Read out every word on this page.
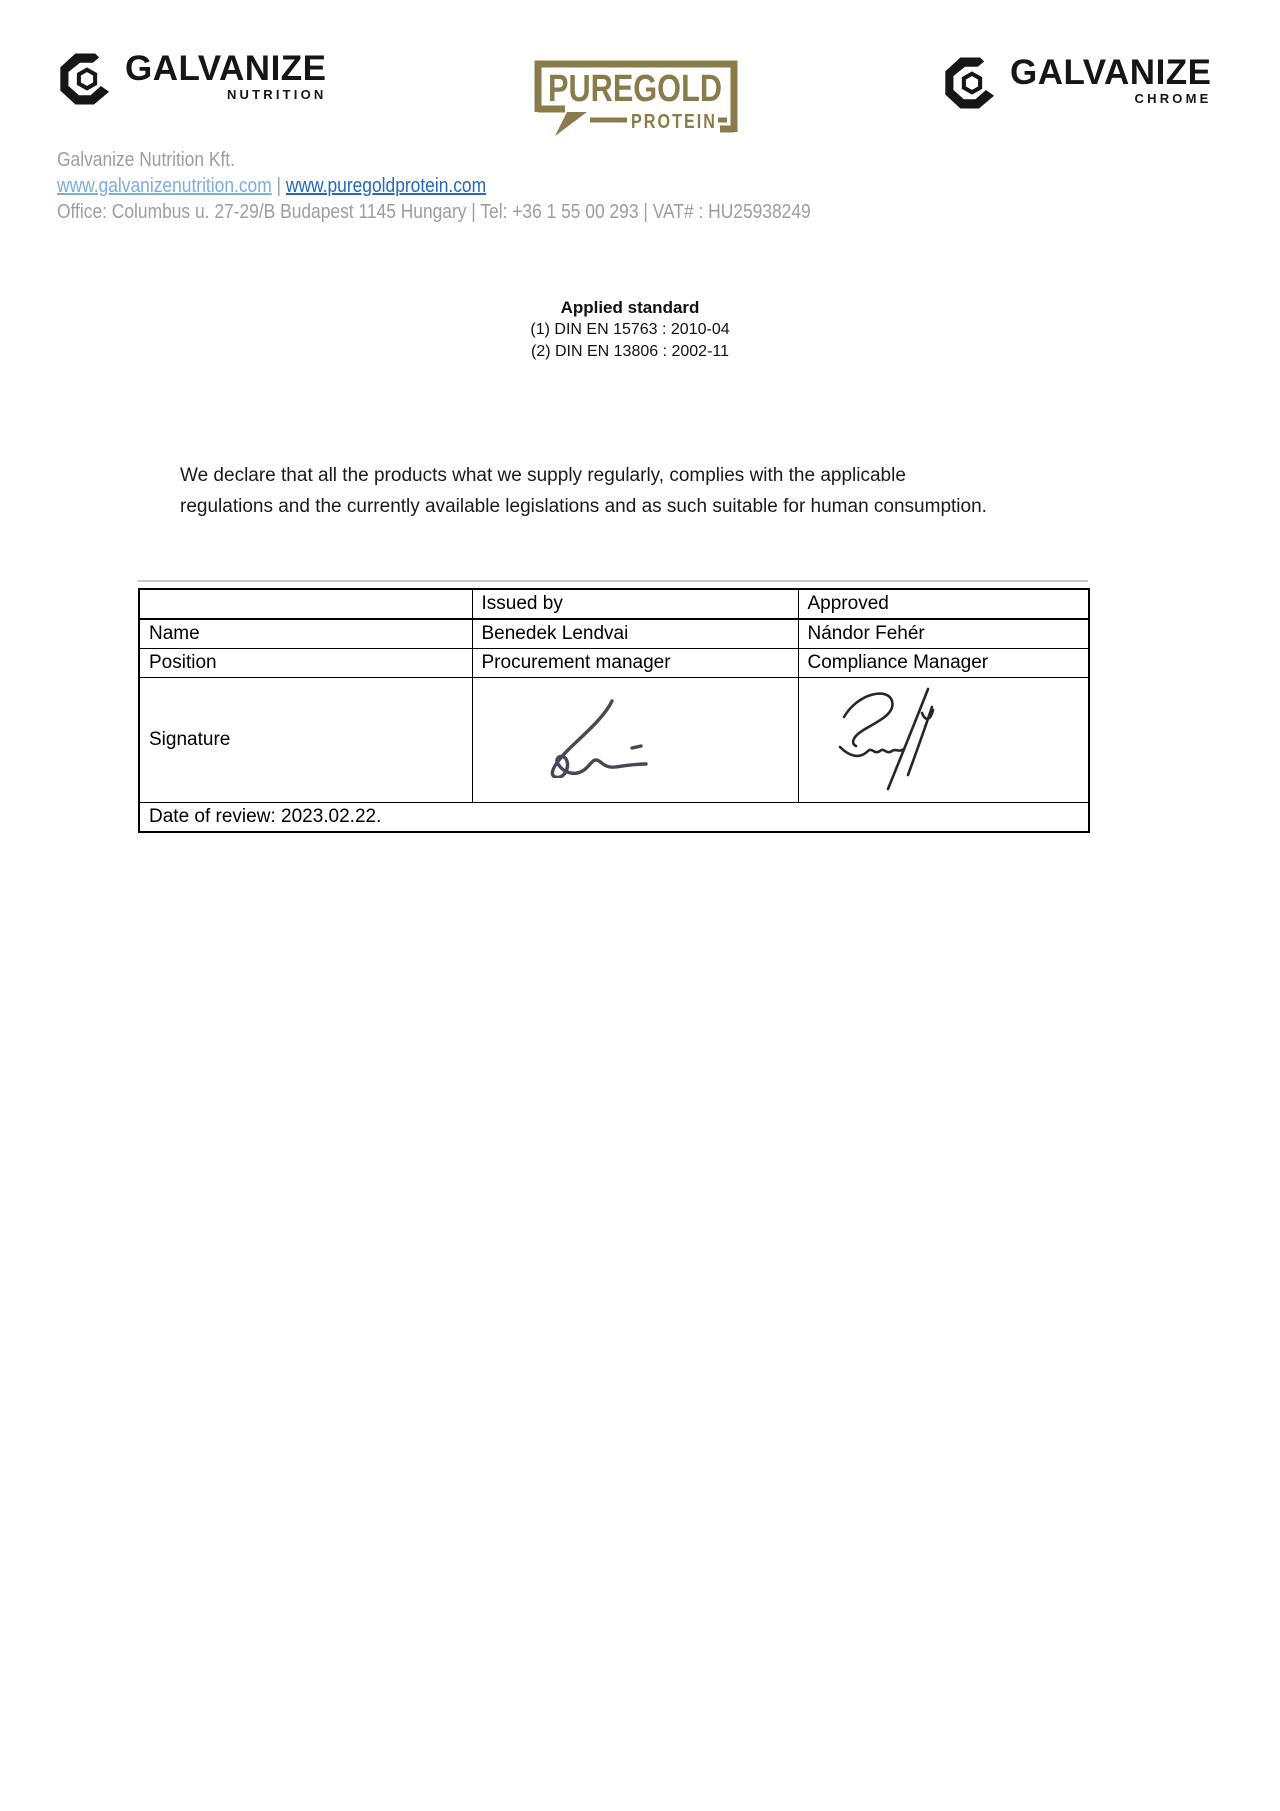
GALVANIZE
NUTRITION	PUREGOLD
PROTEIN
GALVANIZE
CHROME
Galvanize Nutrition Kft.
www.galvanizenutrition.com | www.puregoldprotein.com
Office: Columbus u. 27-29/B Budapest 1145 Hungary | Tel: +36 1 55 00 293 | VAT# : HU25938249
Applied standard
(1) DIN EN 15763 : 2010-04
(2) DIN EN 13806 : 2002-11
We declare that all the products what we supply regularly, complies with the applicable
regulations and the currently available legislations and as such suitable for human consumption.
	Issued by	Approved
Name	Benedek Lendvai	Nándor Fehér
Position	Procurement manager	Compliance Manager
Signature	

Date of review: 2023.02.22.		
